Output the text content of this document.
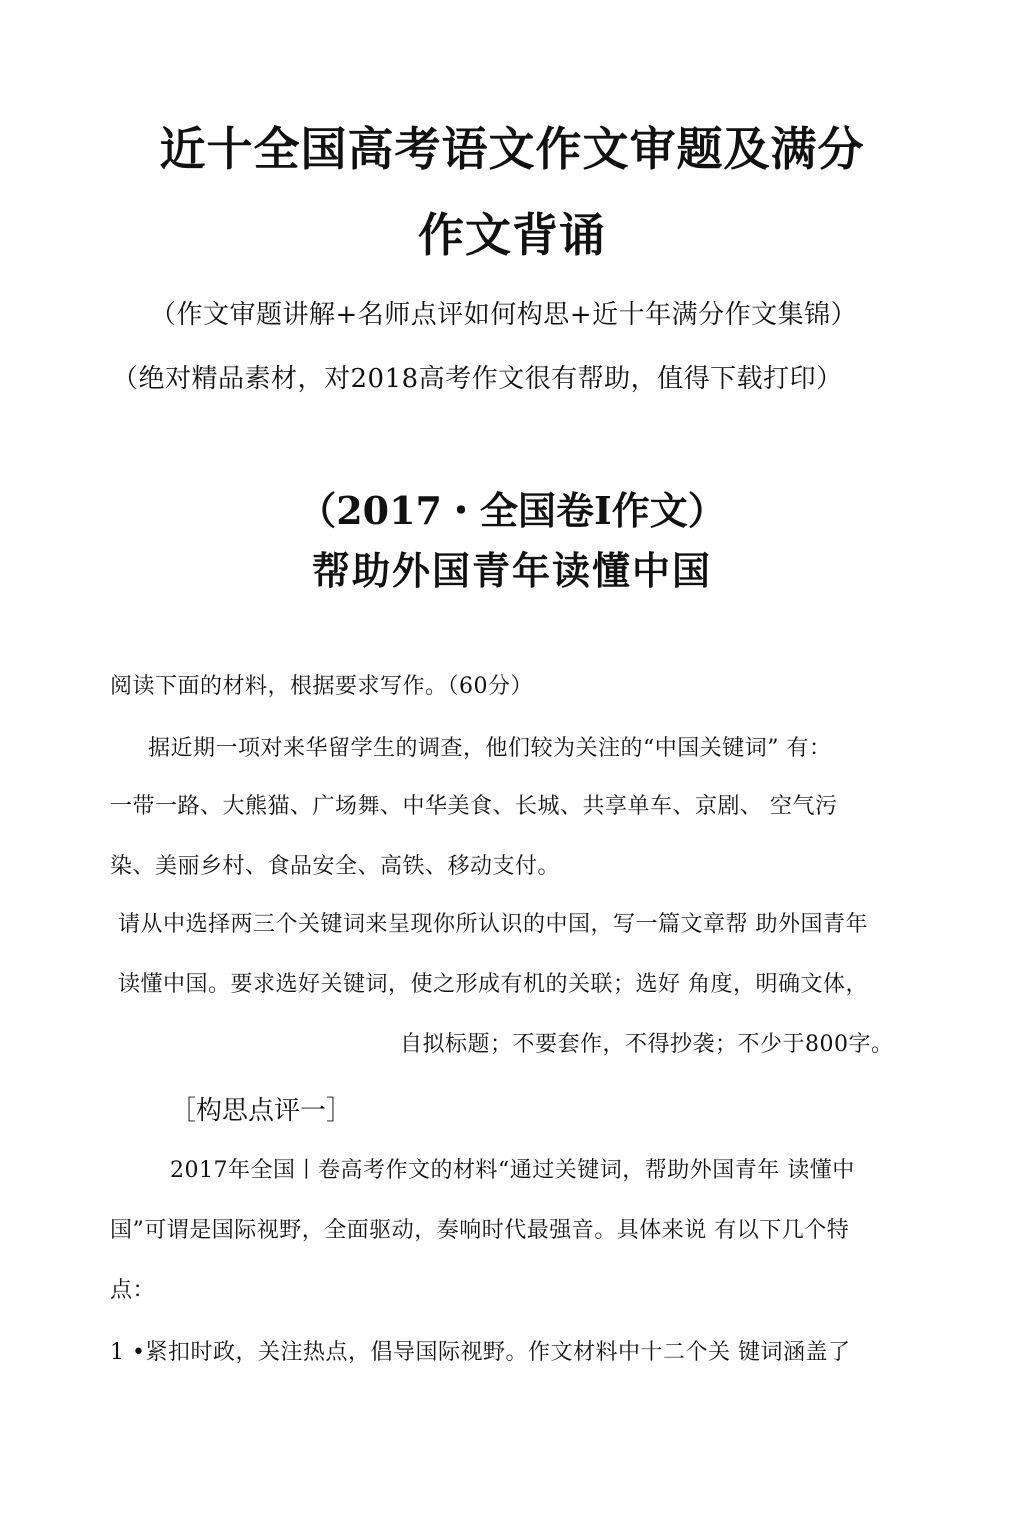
近十全国高考语文作文审题及满分
作文背诵

（作文审题讲解+名师点评如何构思+近十年满分作文集锦）

（绝对精品素材，对2018高考作文很有帮助，值得下载打印）

（2017・全国卷I作文）
帮助外国青年读懂中国

阅读下面的材料，根据要求写作。（60分）

据近期一项对来华留学生的调查，他们较为关注的“中国关键词” 有：

一带一路、大熊猫、广场舞、中华美食、长城、共享单车、京剧、 空气污

染、美丽乡村、食品安全、高铁、移动支付。

请从中选择两三个关键词来呈现你所认识的中国，写一篇文章帮 助外国青年

读懂中国。要求选好关键词，使之形成有机的关联；选好 角度，明确文体，

自拟标题；不要套作，不得抄袭；不少于800字。

［构思点评一］

2017年全国丨卷高考作文的材料“通过关键词，帮助外国青年 读懂中

国”可谓是国际视野，全面驱动，奏响时代最强音。具体来说 有以下几个特

点：

1 •紧扣时政，关注热点，倡导国际视野。作文材料中十二个关 键词涵盖了
